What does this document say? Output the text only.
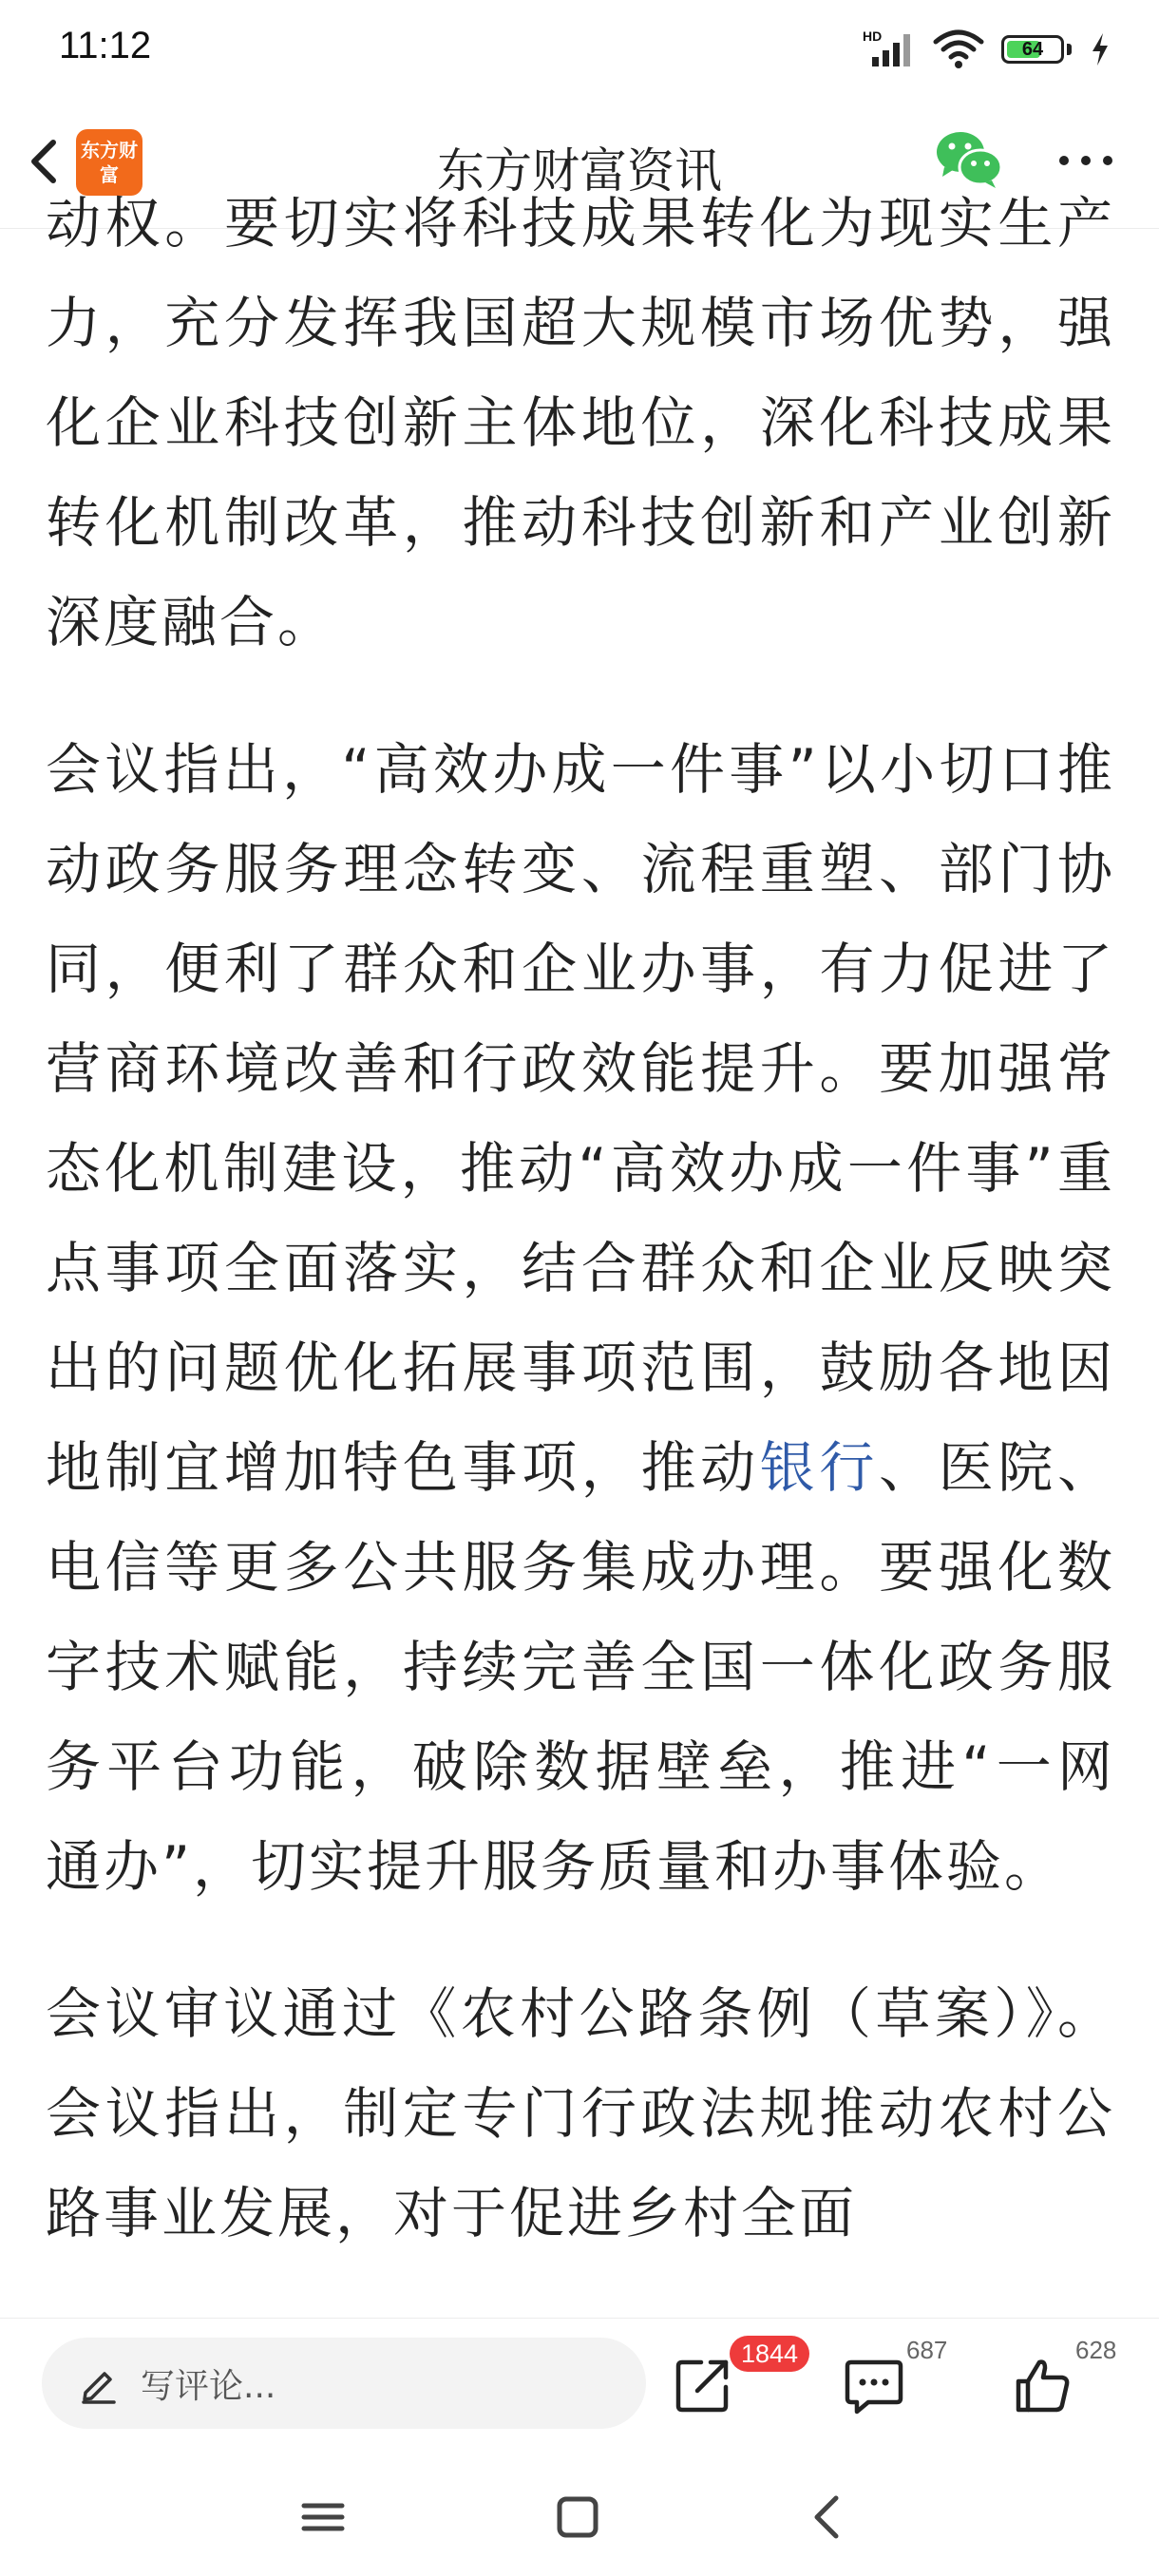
11:12	HD
64
东方财富	东方财富资讯

动权。要切实将科技成果转化为现实生产力，充分发挥我国超大规模市场优势，强化企业科技创新主体地位，深化科技成果转化机制改革，推动科技创新和产业创新深度融合。

会议指出，“高效办成一件事”以小切口推动政务服务理念转变、流程重塑、部门协同，便利了群众和企业办事，有力促进了营商环境改善和行政效能提升。要加强常态化机制建设，推动“高效办成一件事”重点事项全面落实，结合群众和企业反映突出的问题优化拓展事项范围，鼓励各地因地制宜增加特色事项，推动银行、医院、电信等更多公共服务集成办理。要强化数字技术赋能，持续完善全国一体化政务服务平台功能，破除数据壁垒，推进“一网通办”，切实提升服务质量和办事体验。

会议审议通过《农村公路条例（草案）》。会议指出，制定专门行政法规推动农村公路事业发展，对于促进乡村全面

写评论...
1844	687	628
